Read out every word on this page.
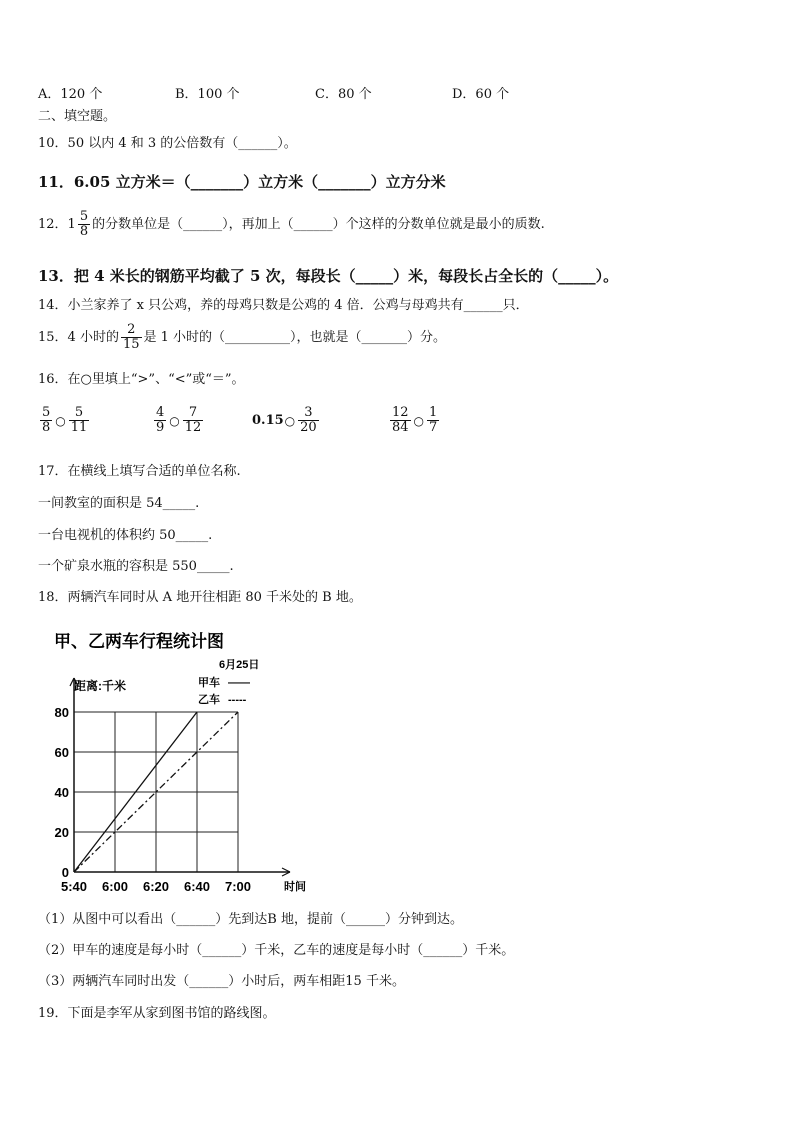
A．120 个	B．100 个	C．80 个	D．60 个
二、填空题。
10．50 以内 4 和 3 的公倍数有（______）。
11．6.05 立方米＝（_______）立方米（_______）立方分米
12． $1 \frac{5}{8}$ 的分数单位是（______），再加上（______）个这样的分数单位就是最小的质数.
13．把 4 米长的钢筋平均截了 5 次，每段长（_____）米，每段长占全长的（_____）。
14．小兰家养了 x 只公鸡，养的母鸡只数是公鸡的 4 倍．公鸡与母鸡共有______只．
15．4 小时的 $\frac{2}{15}$ 是 1 小时的（__________），也就是（_______）分。
16．在○里填上“>”、“<”或“＝”。
$\frac{5}{8}$ ○ $\frac{5}{11}$	$\frac{4}{9}$ ○ $\frac{7}{12}$	0.15 ○ $\frac{3}{20}$	$\frac{12}{84}$ ○ $\frac{1}{7}$
17．在横线上填写合适的单位名称.
一间教室的面积是 54_____.
一台电视机的体积约 50_____.
一个矿泉水瓶的容积是 550_____.
18．两辆汽车同时从 A 地开往相距 80 千米处的 B 地。
甲、乙两车行程统计图
6月25日
距离:千米
时间
甲车 ——
乙车 -----
0
20
40
60
80
5:40 6:00 6:20 6:40 7:00
（1）从图中可以看出（______）先到达B 地，提前（______）分钟到达。
（2）甲车的速度是每小时（______）千米，乙车的速度是每小时（______）千米。
（3）两辆汽车同时出发（______）小时后，两车相距15 千米。
19．下面是李军从家到图书馆的路线图。
